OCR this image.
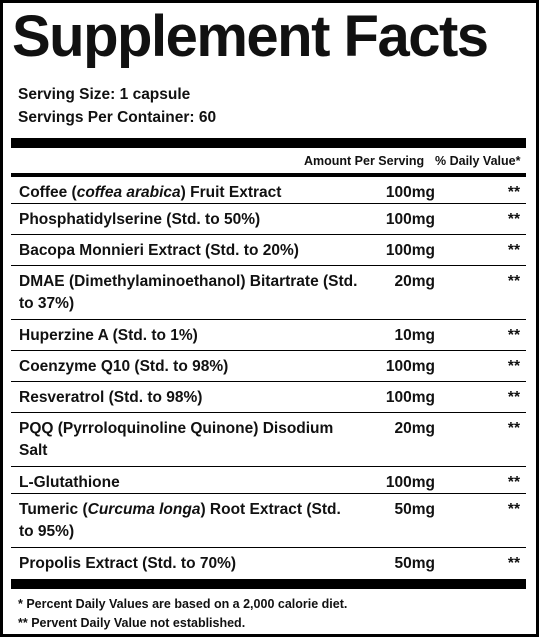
Supplement Facts
Serving Size: 1 capsule
Servings Per Container: 60
Amount Per Serving % Daily Value*
Coffee (coffea arabica) Fruit Extract	100mg	**
Phosphatidylserine (Std. to 50%)	100mg	**
Bacopa Monnieri Extract (Std. to 20%)	100mg	**
DMAE (Dimethylaminoethanol) Bitartrate (Std. to 37%)
20mg	**
Huperzine A (Std. to 1%)	10mg	**
Coenzyme Q10 (Std. to 98%)	100mg	**
Resveratrol (Std. to 98%)	100mg	**
PQQ (Pyrroloquinoline Quinone) Disodium Salt
20mg	**
L-Glutathione	100mg	**
Tumeric (Curcuma longa) Root Extract (Std. to 95%)
50mg	**
Propolis Extract (Std. to 70%)	50mg	**
* Percent Daily Values are based on a 2,000 calorie diet.
** Pervent Daily Value not established.
